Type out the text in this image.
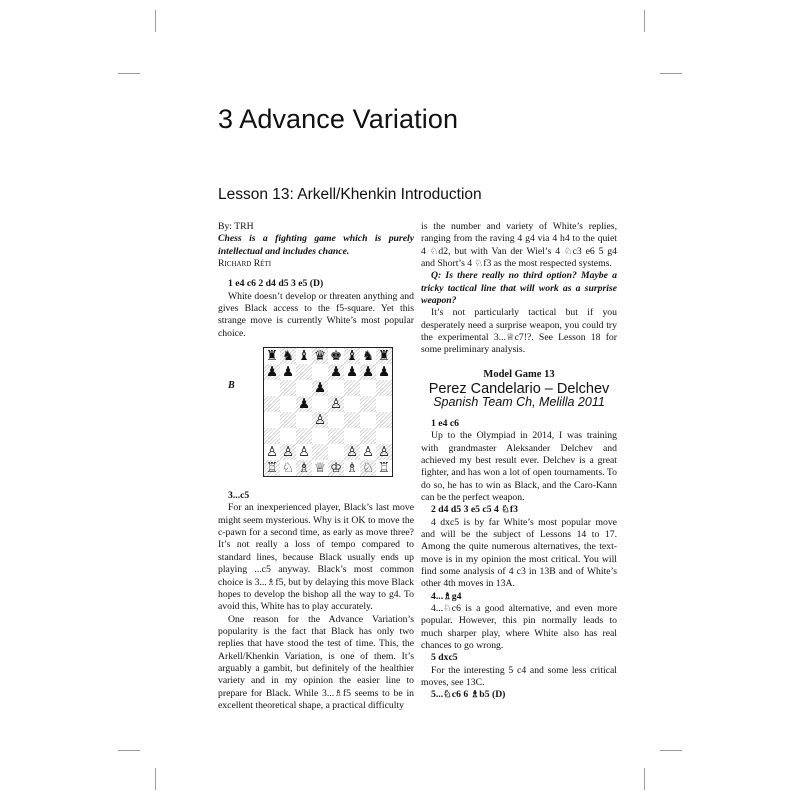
3 Advance Variation
Lesson 13: Arkell/Khenkin Introduction

By: TRH

Chess is a fighting game which is purely intellectual and includes chance.

Richard Réti

1 e4 c6 2 d4 d5 3 e5 (D)

White doesn’t develop or threaten anything and gives Black access to the f5-square. Yet this strange move is currently White’s most popular choice.

B
♜ ♞ ♝ ♛ ♚ ♝ ♞ ♜
♟ ♟	♟ ♟ ♟ ♟
♟
♟ ♙
♙
♙ ♙ ♙	♙ ♙ ♙
♖ ♘ ♗ ♕ ♔ ♗ ♘ ♖

3...c5

For an inexperienced player, Black’s last move might seem mysterious. Why is it OK to move the c-pawn for a second time, as early as move three? It’s not really a loss of tempo compared to standard lines, because Black usually ends up playing ...c5 anyway. Black’s most common choice is 3...♗f5, but by delaying this move Black hopes to develop the bishop all the way to g4. To avoid this, White has to play accurately.

One reason for the Advance Variation’s popularity is the fact that Black has only two replies that have stood the test of time. This, the Arkell/Khenkin Variation, is one of them. It’s arguably a gambit, but definitely of the healthier variety and in my opinion the easier line to prepare for Black. While 3...♗f5 seems to be in excellent theoretical shape, a practical difficulty

is the number and variety of White’s replies, ranging from the raving 4 g4 via 4 h4 to the quiet 4 ♘d2, but with Van der Wiel’s 4 ♘c3 e6 5 g4 and Short’s 4 ♘f3 as the most respected systems.

Q: Is there really no third option? Maybe a tricky tactical line that will work as a surprise weapon?

It’s not particularly tactical but if you desperately need a surprise weapon, you could try the experimental 3...♕c7!?. See Lesson 18 for some preliminary analysis.

Model Game 13
Perez Candelario – Delchev
Spanish Team Ch, Melilla 2011

1 e4 c6

Up to the Olympiad in 2014, I was training with grandmaster Aleksander Delchev and achieved my best result ever. Delchev is a great fighter, and has won a lot of open tournaments. To do so, he has to win as Black, and the Caro-Kann can be the perfect weapon.

2 d4 d5 3 e5 c5 4 ♘f3

4 dxc5 is by far White’s most popular move and will be the subject of Lessons 14 to 17. Among the quite numerous alternatives, the text-move is in my opinion the most critical. You will find some analysis of 4 c3 in 13B and of White’s other 4th moves in 13A.

4...♗g4

4...♘c6 is a good alternative, and even more popular. However, this pin normally leads to much sharper play, where White also has real chances to go wrong.

5 dxc5

For the interesting 5 c4 and some less critical moves, see 13C.

5...♘c6 6 ♗b5 (D)
